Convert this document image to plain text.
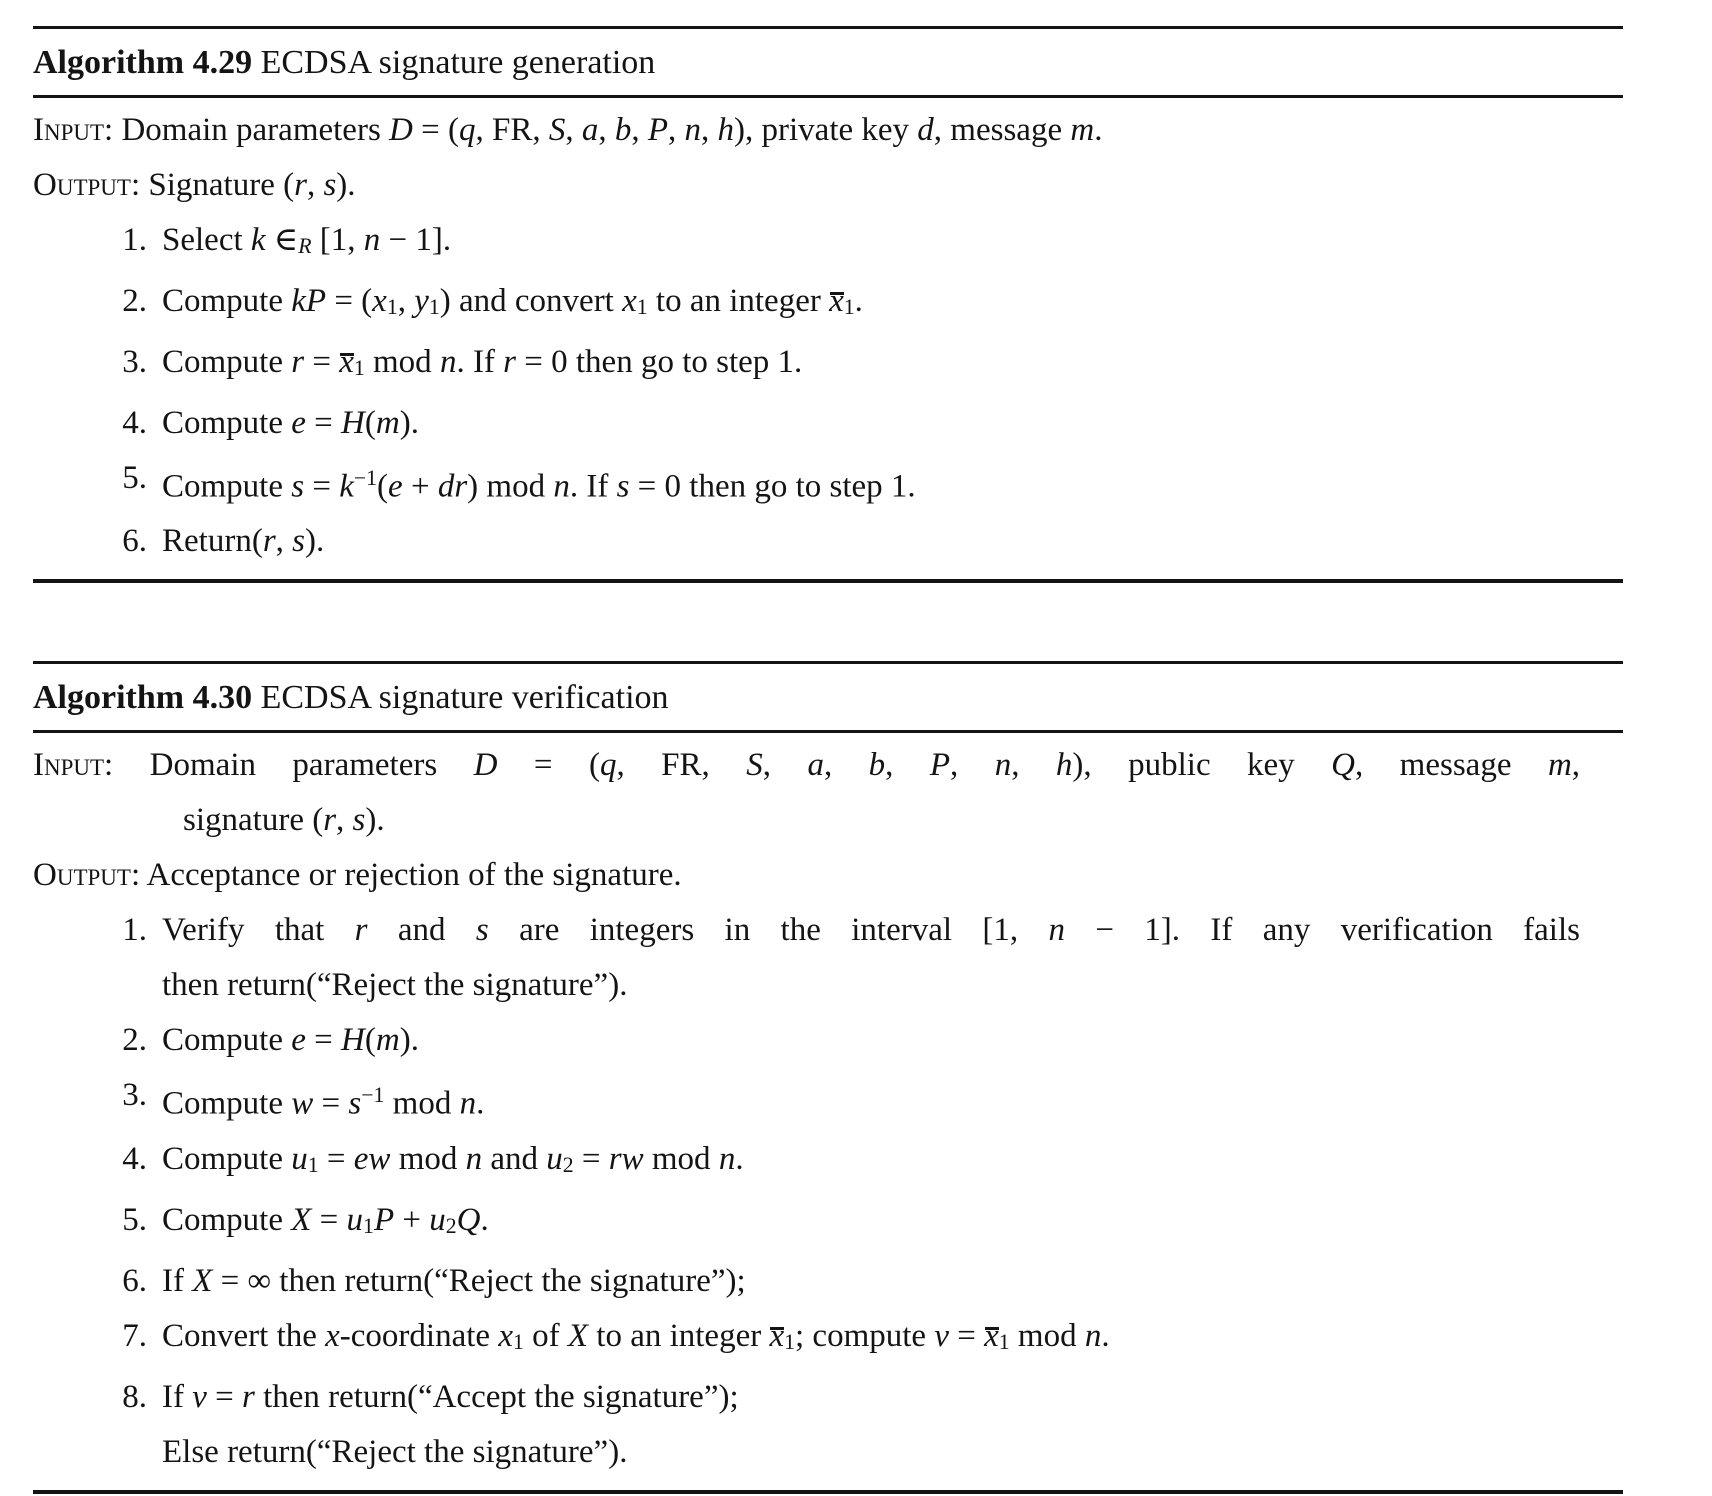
Algorithm 4.29 ECDSA signature generation
Input: Domain parameters D = (q, FR, S, a, b, P, n, h), private key d, message m.
Output: Signature (r, s).
1. Select k ∈R [1, n − 1].
2. Compute kP = (x1, y1) and convert x1 to an integer x1.
3. Compute r = x1 mod n. If r = 0 then go to step 1.
4. Compute e = H(m).
5. Compute $s = k^{-1}(e + dr)$ mod n. If s = 0 then go to step 1.
6. Return(r, s).
Algorithm 4.30 ECDSA signature verification
Input: Domain parameters D = (q, FR, S, a, b, P, n, h), public key Q, message m,
signature (r, s).
Output: Acceptance or rejection of the signature.
1. Verify that r and s are integers in the interval [1, n − 1]. If any verification fails
then return(“Reject the signature”).
2. Compute e = H(m).
3. Compute $w = s^{-1}$ mod n.
4. Compute u1 = ew mod n and u2 = rw mod n.
5. Compute X = u1P + u2Q.
6. If X = ∞ then return(“Reject the signature”);
7. Convert the x-coordinate x1 of X to an integer x1; compute v = x1 mod n.
8. If v = r then return(“Accept the signature”);
Else return(“Reject the signature”).
